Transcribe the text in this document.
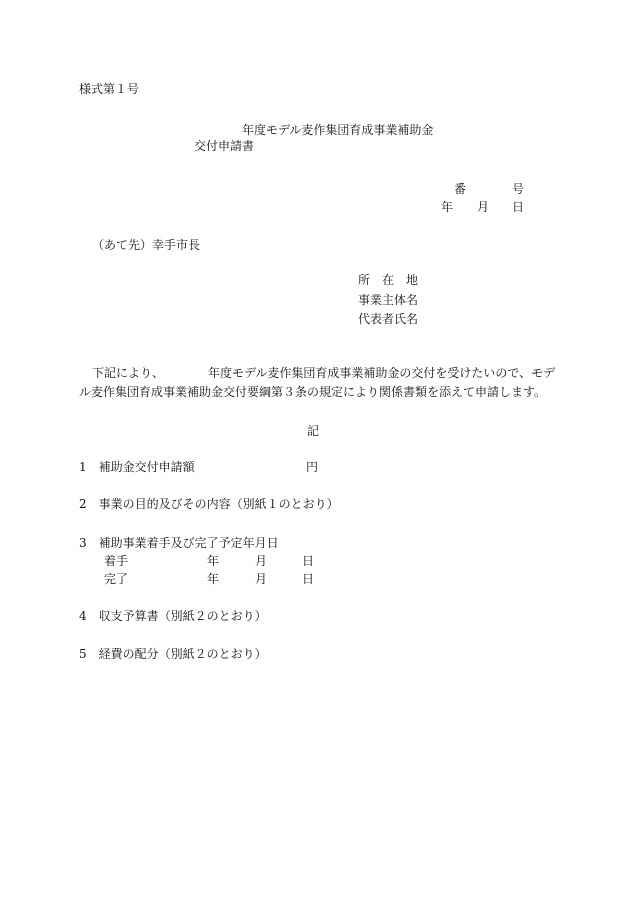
様式第１号
年度モデル麦作集団育成事業補助金
交付申請書
番	号
年 月 日
（あて先）幸手市長
所　在　地
事業主体名
代表者氏名
下記により、	年度モデル麦作集団育成事業補助金の交付を受けたいので、モデ
ル麦作集団育成事業補助金交付要綱第３条の規定により関係書類を添えて申請します。
記
1　補助金交付申請額	円
2　事業の目的及びその内容（別紙１のとおり）
3　補助事業着手及び完了予定年月日
着手	年	月	日
完了	年	月	日
4　収支予算書（別紙２のとおり）
5　経費の配分（別紙２のとおり）
